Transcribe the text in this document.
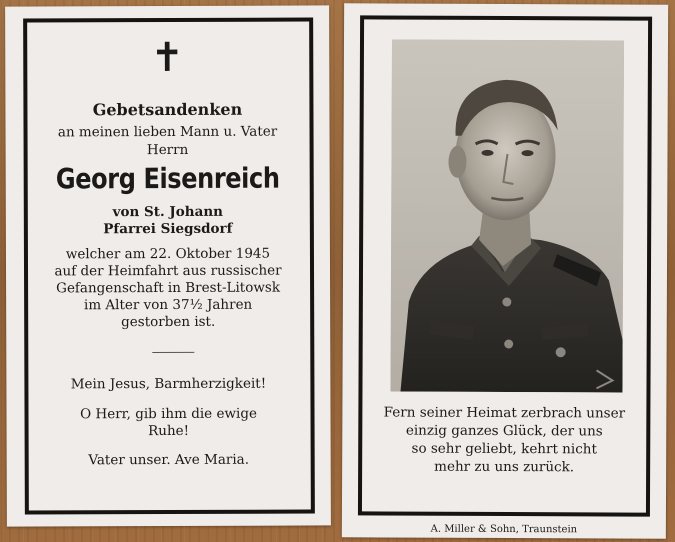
✝
Gebetsandenken
an meinen lieben Mann u. Vater
Herrn
Georg Eisenreich
von St. Johann
Pfarrei Siegsdorf
welcher am 22. Oktober 1945
auf der Heimfahrt aus russischer
Gefangenschaft in Brest-Litowsk
im Alter von 37½ Jahren
gestorben ist.
Mein Jesus, Barmherzigkeit!
O Herr, gib ihm die ewige
Ruhe!
Vater unser. Ave Maria.
Fern seiner Heimat zerbrach unser
einzig ganzes Glück, der uns
so sehr geliebt, kehrt nicht
mehr zu uns zurück.
A. Miller & Sohn, Traunstein
